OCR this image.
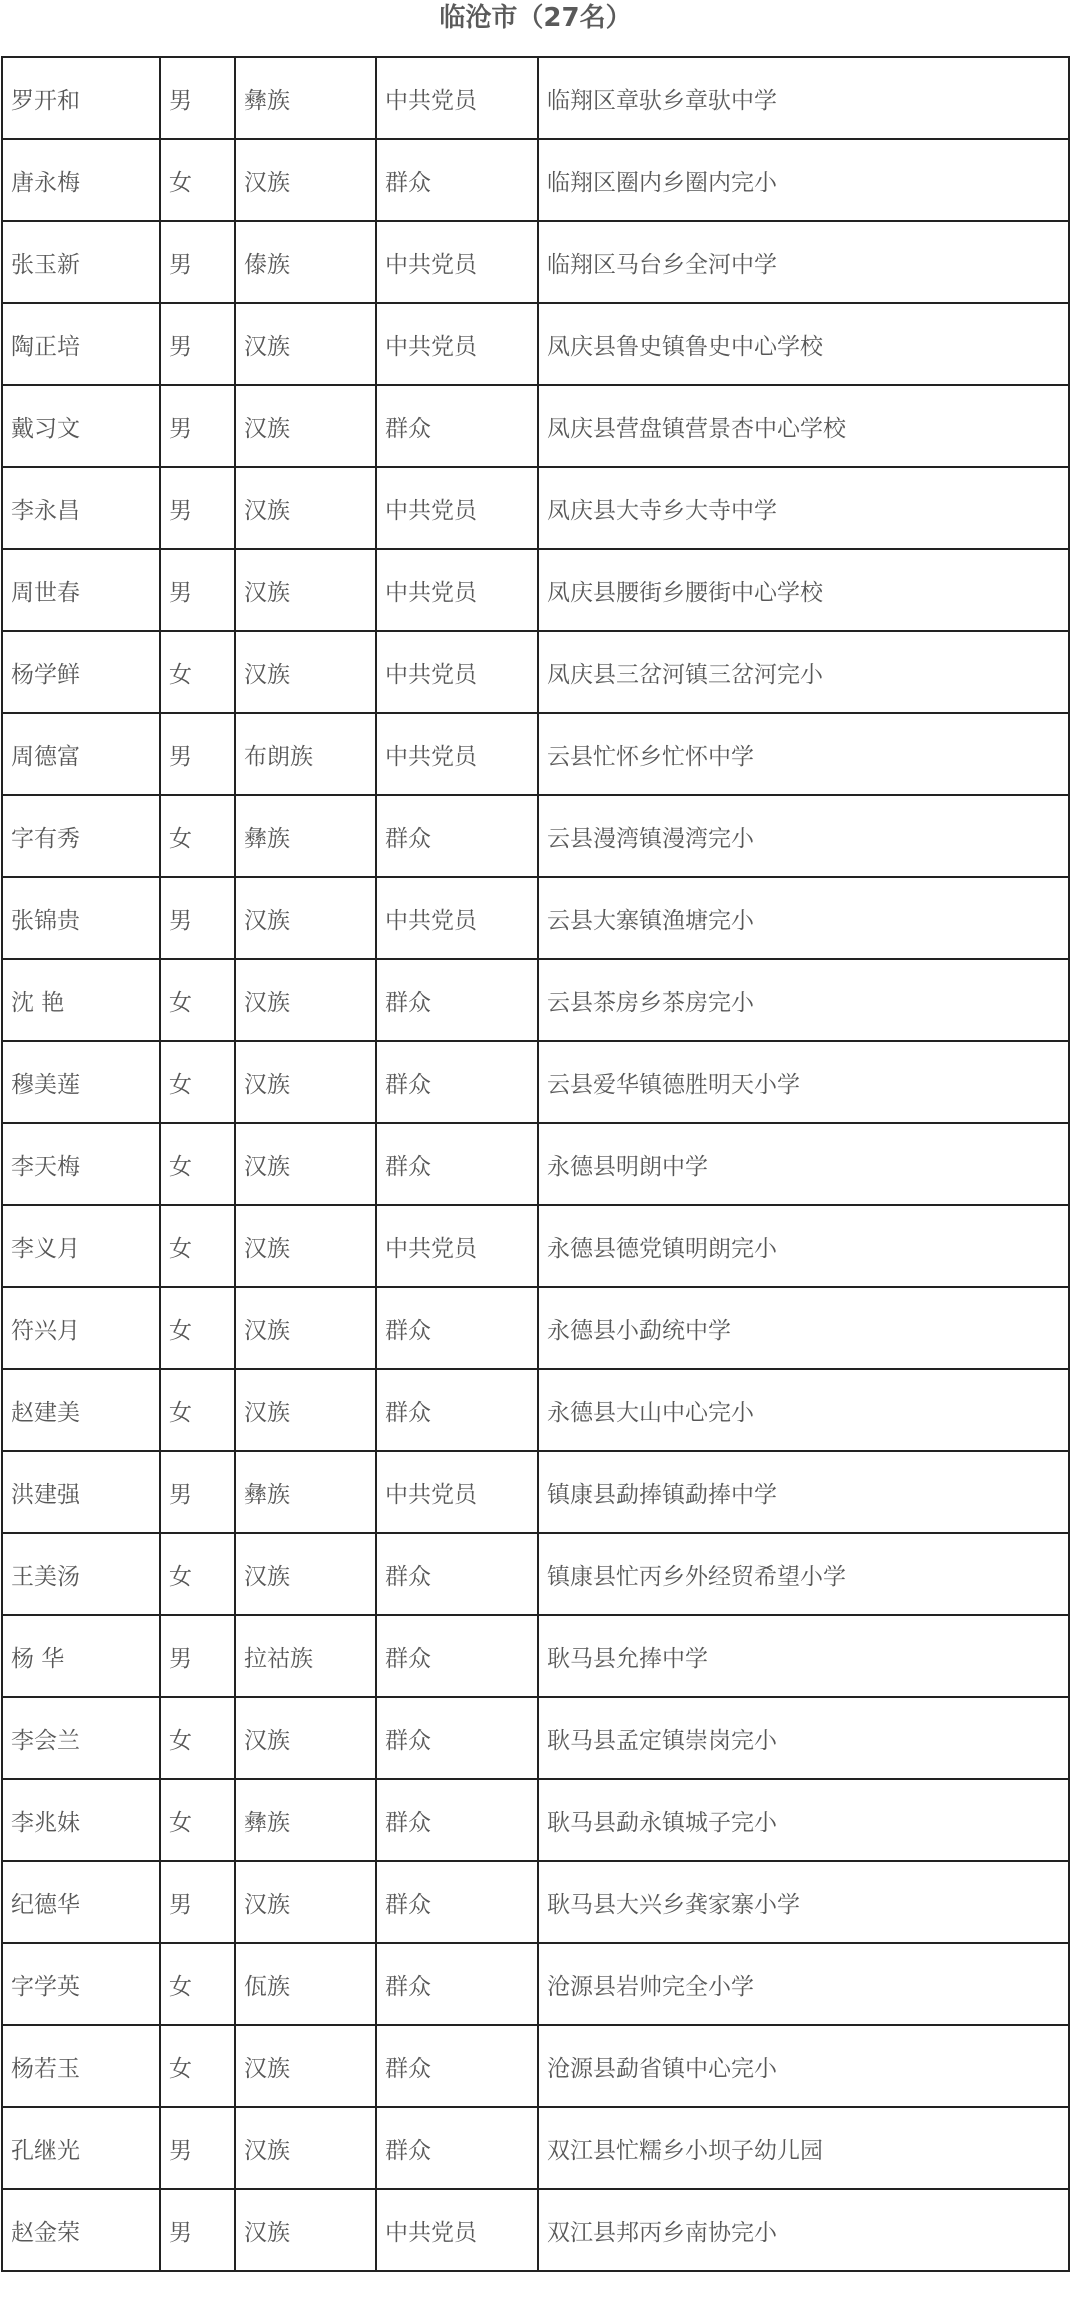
临沧市（27名）
罗开和	男	彝族	中共党员	临翔区章驮乡章驮中学
唐永梅	女	汉族	群众	临翔区圈内乡圈内完小
张玉新	男	傣族	中共党员	临翔区马台乡全河中学
陶正培	男	汉族	中共党员	凤庆县鲁史镇鲁史中心学校
戴习文	男	汉族	群众	凤庆县营盘镇营景杏中心学校
李永昌	男	汉族	中共党员	凤庆县大寺乡大寺中学
周世春	男	汉族	中共党员	凤庆县腰街乡腰街中心学校
杨学鲜	女	汉族	中共党员	凤庆县三岔河镇三岔河完小
周德富	男	布朗族	中共党员	云县忙怀乡忙怀中学
字有秀	女	彝族	群众	云县漫湾镇漫湾完小
张锦贵	男	汉族	中共党员	云县大寨镇渔塘完小
沈 艳	女	汉族	群众	云县茶房乡茶房完小
穆美莲	女	汉族	群众	云县爱华镇德胜明天小学
李天梅	女	汉族	群众	永德县明朗中学
李义月	女	汉族	中共党员	永德县德党镇明朗完小
符兴月	女	汉族	群众	永德县小勐统中学
赵建美	女	汉族	群众	永德县大山中心完小
洪建强	男	彝族	中共党员	镇康县勐捧镇勐捧中学
王美汤	女	汉族	群众	镇康县忙丙乡外经贸希望小学
杨 华	男	拉祜族	群众	耿马县允捧中学
李会兰	女	汉族	群众	耿马县孟定镇崇岗完小
李兆妹	女	彝族	群众	耿马县勐永镇城子完小
纪德华	男	汉族	群众	耿马县大兴乡龚家寨小学
字学英	女	佤族	群众	沧源县岩帅完全小学
杨若玉	女	汉族	群众	沧源县勐省镇中心完小
孔继光	男	汉族	群众	双江县忙糯乡小坝子幼儿园
赵金荣	男	汉族	中共党员	双江县邦丙乡南协完小
